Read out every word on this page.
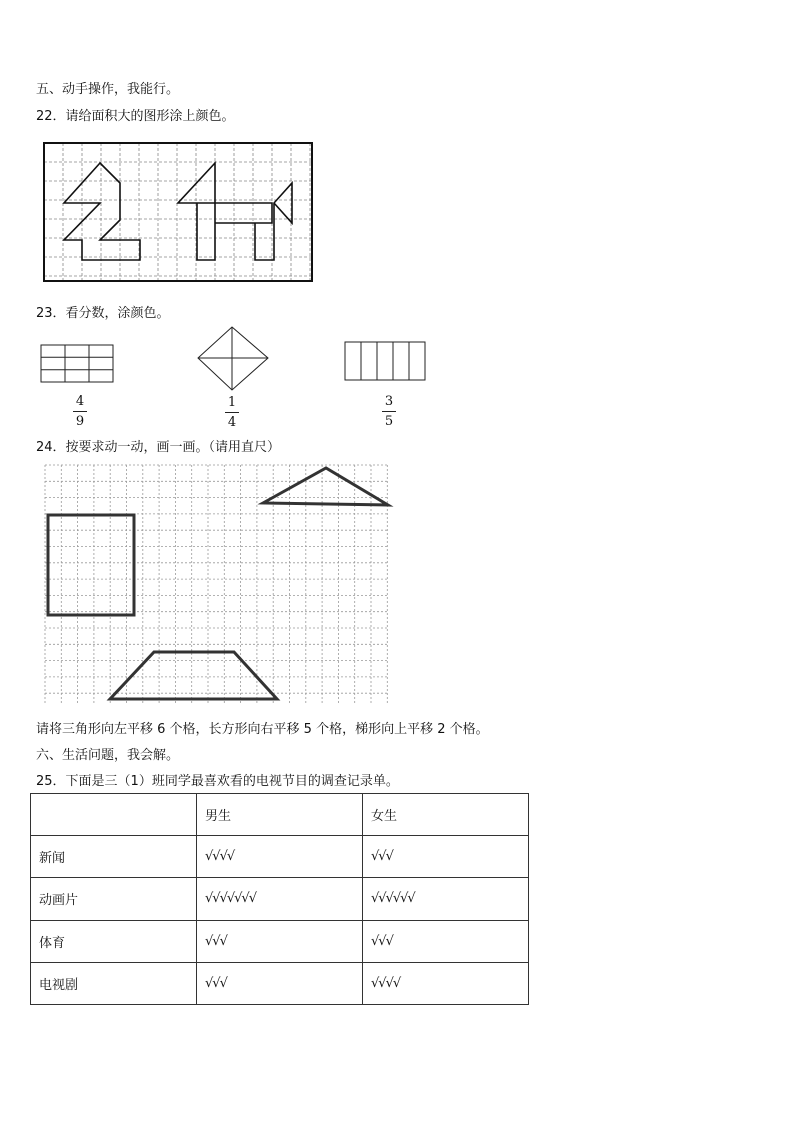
五、动手操作，我能行。
22．请给面积大的图形涂上颜色。
23．看分数，涂颜色。
4
9
1
4
3
5
24．按要求动一动，画一画。（请用直尺）
请将三角形向左平移 6 个格，长方形向右平移 5 个格，梯形向上平移 2 个格。
六、生活问题，我会解。
25．下面是三（1）班同学最喜欢看的电视节目的调查记录单。
	男生	女生
新闻	√√√√	√√√
动画片	√√√√√√√	√√√√√√
体育	√√√	√√√
电视剧	√√√	√√√√
